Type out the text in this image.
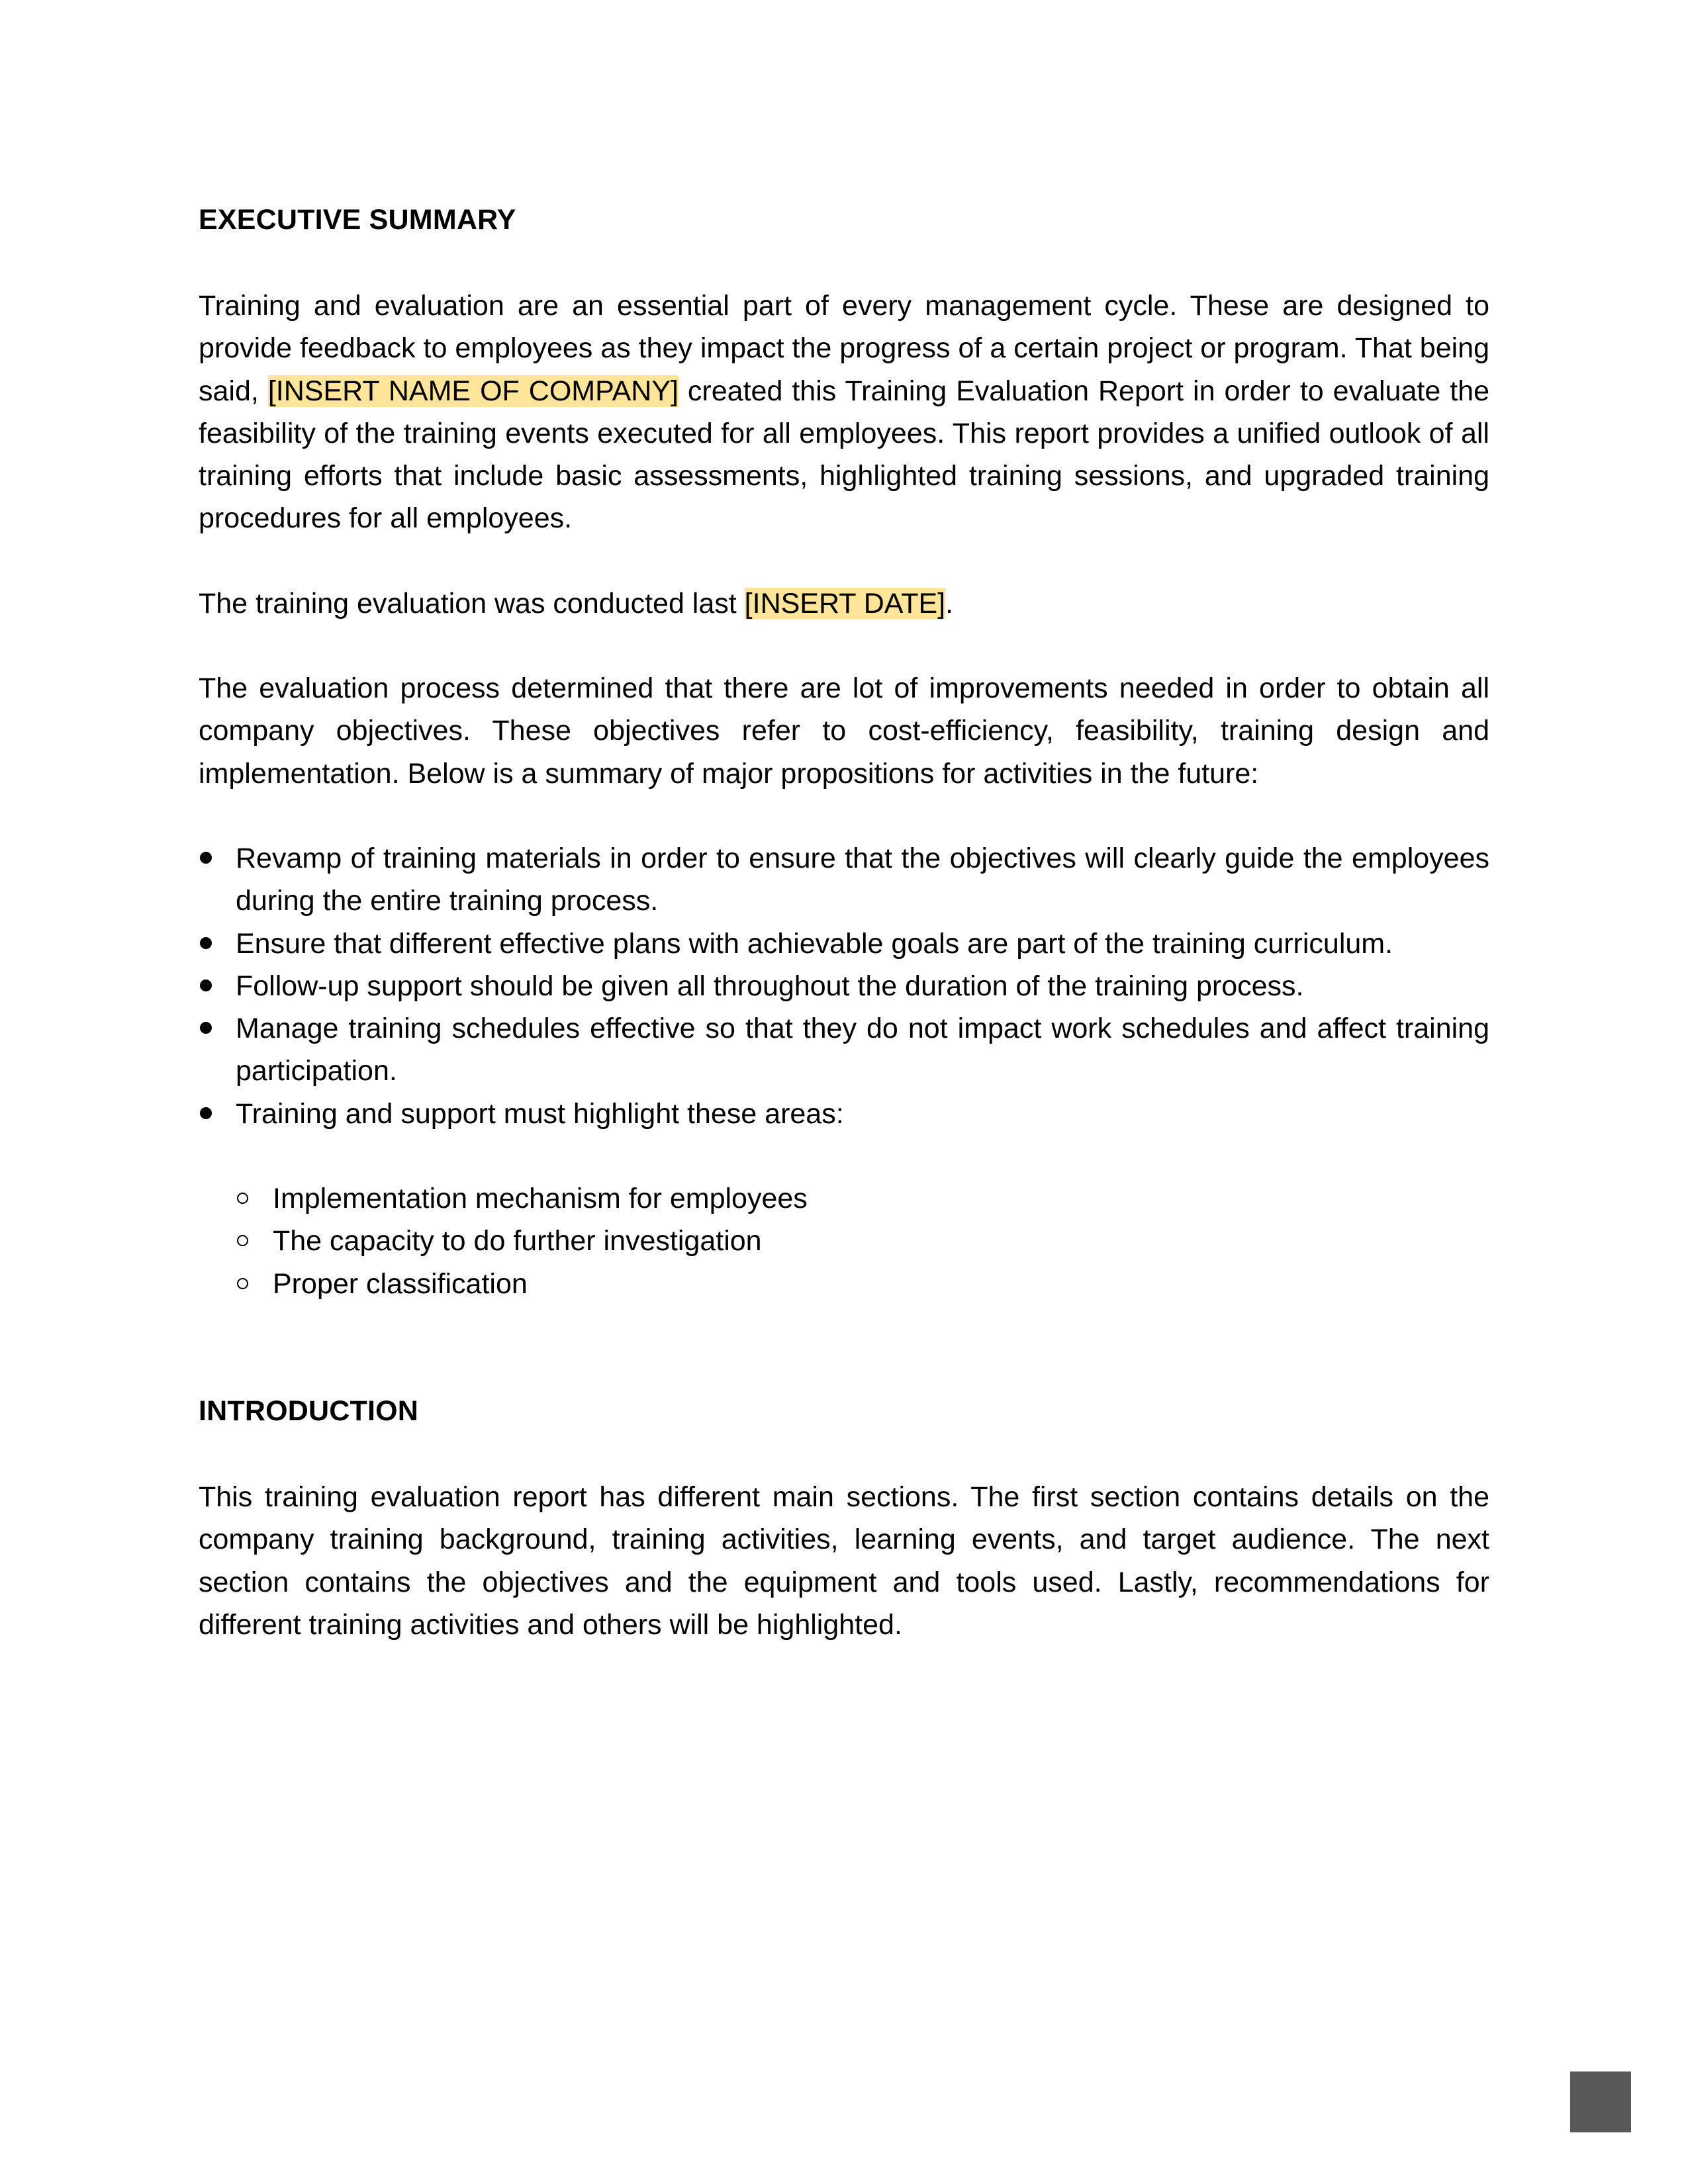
EXECUTIVE SUMMARY

Training and evaluation are an essential part of every management cycle. These are designed to provide feedback to employees as they impact the progress of a certain project or program. That being said, [INSERT NAME OF COMPANY] created this Training Evaluation Report in order to evaluate the feasibility of the training events executed for all employees. This report provides a unified outlook of all training efforts that include basic assessments, highlighted training sessions, and upgraded training procedures for all employees.

The training evaluation was conducted last [INSERT DATE].

The evaluation process determined that there are lot of improvements needed in order to obtain all company objectives. These objectives refer to cost-efficiency, feasibility, training design and implementation. Below is a summary of major propositions for activities in the future:

Revamp of training materials in order to ensure that the objectives will clearly guide the employees during the entire training process.
Ensure that different effective plans with achievable goals are part of the training curriculum.
Follow-up support should be given all throughout the duration of the training process.
Manage training schedules effective so that they do not impact work schedules and affect training participation.
Training and support must highlight these areas:
Implementation mechanism for employees
The capacity to do further investigation
Proper classification
INTRODUCTION

This training evaluation report has different main sections. The first section contains details on the company training background, training activities, learning events, and target audience. The next section contains the objectives and the equipment and tools used. Lastly, recommendations for different training activities and others will be highlighted.
